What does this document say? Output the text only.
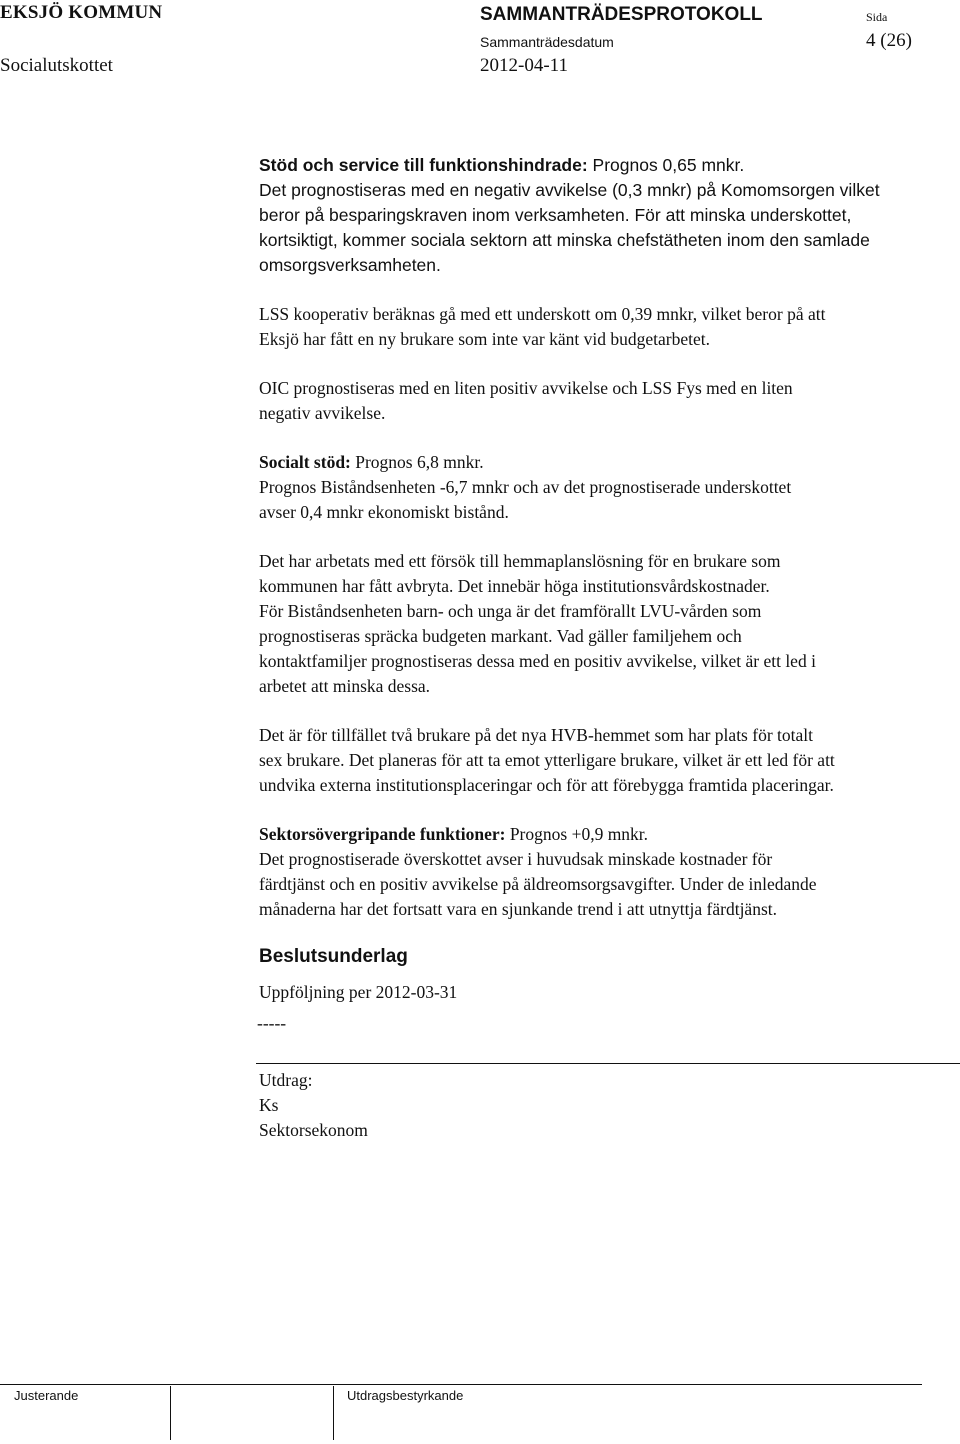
EKSJÖ KOMMUN
Socialutskottet
SAMMANTRÄDESPROTOKOLL
Sammanträdesdatum
2012-04-11
Sida
4 (26)

Stöd och service till funktionshindrade: Prognos 0,65 mnkr.

Det prognostiseras med en negativ avvikelse (0,3 mnkr) på Komomsorgen vilket

beror på besparingskraven inom verksamheten. För att minska underskottet,

kortsiktigt, kommer sociala sektorn att minska chefstätheten inom den samlade

omsorgsverksamheten.

LSS kooperativ beräknas gå med ett underskott om 0,39 mnkr, vilket beror på att

Eksjö har fått en ny brukare som inte var känt vid budgetarbetet.

OIC prognostiseras med en liten positiv avvikelse och LSS Fys med en liten

negativ avvikelse.

Socialt stöd: Prognos 6,8 mnkr.

Prognos Biståndsenheten -6,7 mnkr och av det prognostiserade underskottet

avser 0,4 mnkr ekonomiskt bistånd.

Det har arbetats med ett försök till hemmaplanslösning för en brukare som

kommunen har fått avbryta. Det innebär höga institutionsvårdskostnader.

För Biståndsenheten barn- och unga är det framförallt LVU-vården som

prognostiseras spräcka budgeten markant. Vad gäller familjehem och

kontaktfamiljer prognostiseras dessa med en positiv avvikelse, vilket är ett led i

arbetet att minska dessa.

Det är för tillfället två brukare på det nya HVB-hemmet som har plats för totalt

sex brukare. Det planeras för att ta emot ytterligare brukare, vilket är ett led för att

undvika externa institutionsplaceringar och för att förebygga framtida placeringar.

Sektorsövergripande funktioner: Prognos +0,9 mnkr.

Det prognostiserade överskottet avser i huvudsak minskade kostnader för

färdtjänst och en positiv avvikelse på äldreomsorgsavgifter. Under de inledande

månaderna har det fortsatt vara en sjunkande trend i att utnyttja färdtjänst.

Beslutsunderlag

Uppföljning per 2012-03-31

-----

Utdrag:

Ks

Sektorsekonom

Justerande	Utdragsbestyrkande
